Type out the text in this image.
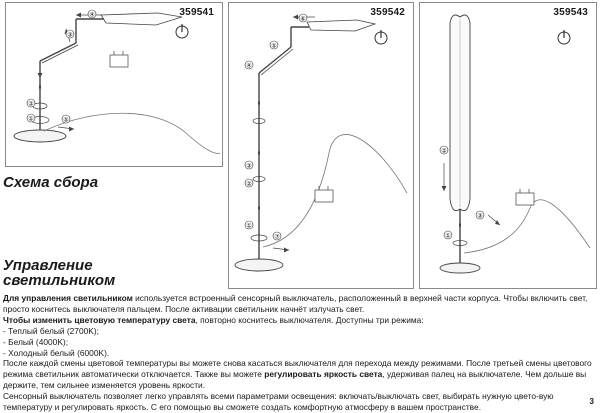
359541
④
③
②
①	⑤
359542
⑥
⑤
④
③
②
①
⑦
359543
②
①
③
Схема сбора
Управление
светильником

Для управления светильником используется встроенный сенсорный выключатель, расположенный в верхней части корпуса. Чтобы включить свет, просто коснитесь выключателя пальцем. После активации светильник начнёт излучать свет.

Чтобы изменить цветовую температуру света, повторно коснитесь выключателя. Доступны три режима:

- Теплый белый (2700K);

- Белый (4000K);

- Холодный белый (6000K).

После каждой смены цветовой температуры вы можете снова касаться выключателя для перехода между режимами. После третьей смены цветового режима светильник автоматически отключается. Также вы можете регулировать яркость света, удерживая палец на выключателе. Чем дольше вы держите, тем сильнее изменяется уровень яркости.

Сенсорный выключатель позволяет легко управлять всеми параметрами освещения: включать/выключать свет, выбирать нужную цвето-вую температуру и регулировать яркость. С его помощью вы сможете создать комфортную атмосферу в вашем пространстве.

3
